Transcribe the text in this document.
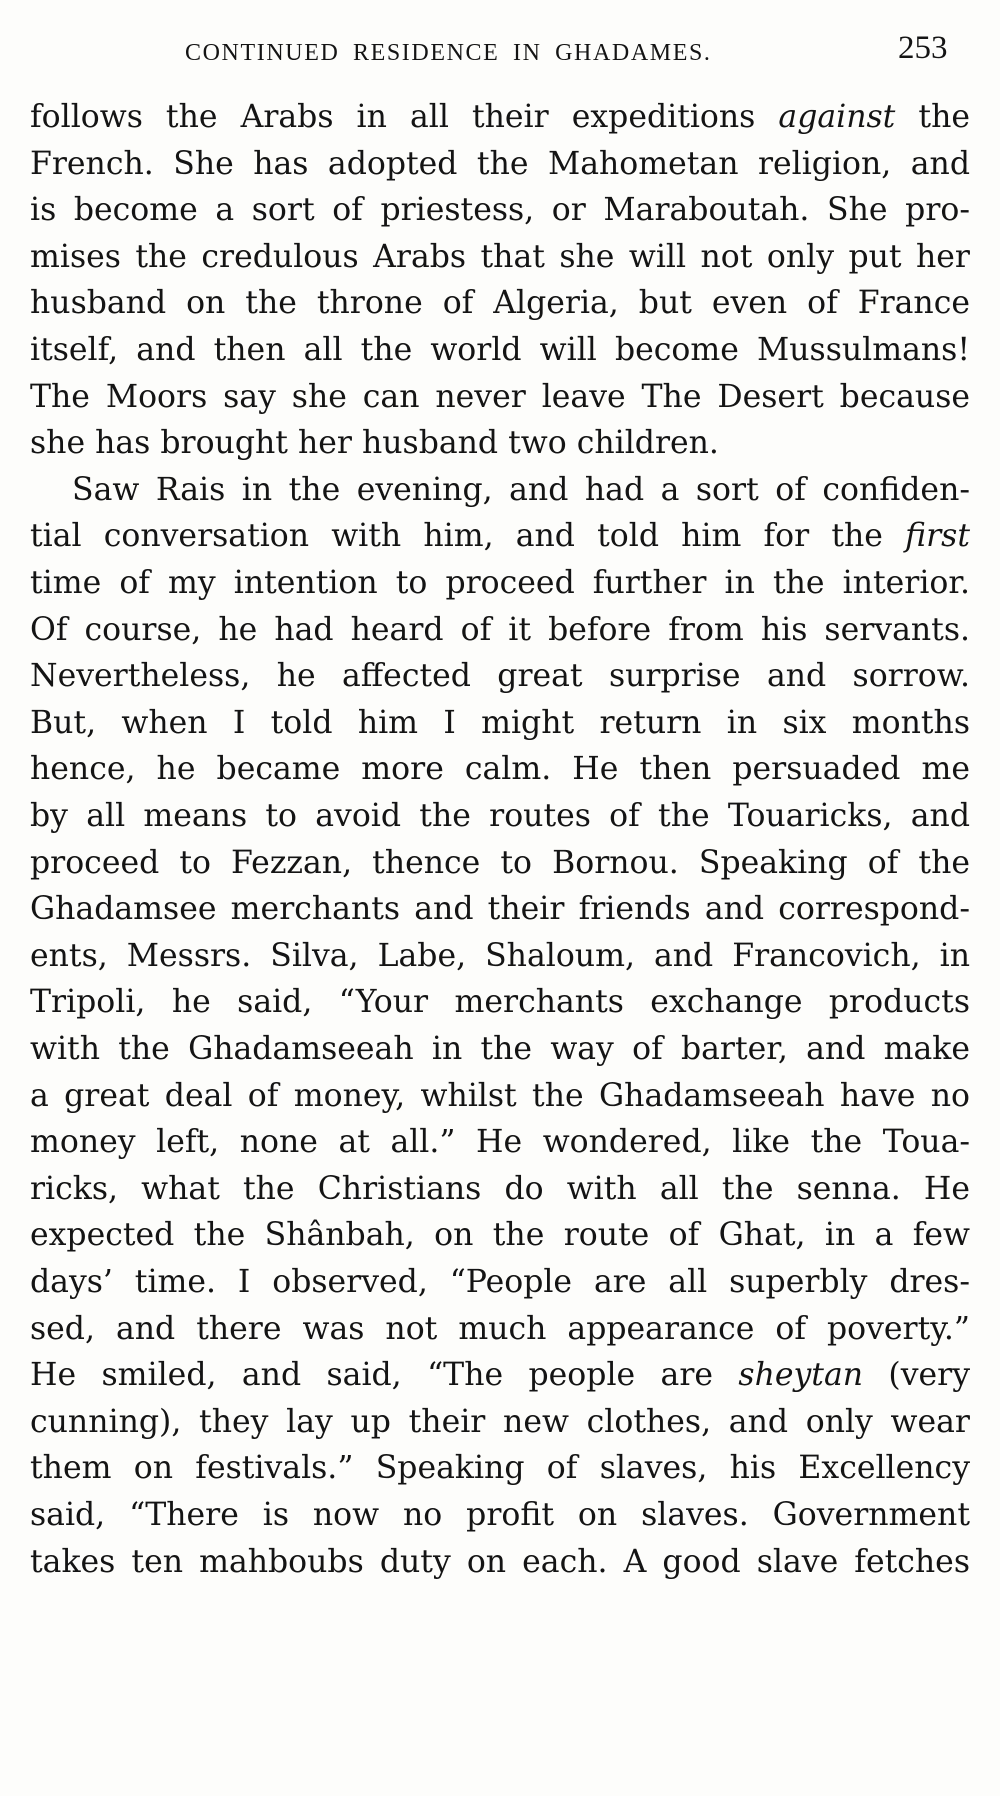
CONTINUED RESIDENCE IN GHADAMES.	253
follows the Arabs in all their expeditions against the
French. She has adopted the Mahometan religion, and
is become a sort of priestess, or Maraboutah. She pro-
mises the credulous Arabs that she will not only put her
husband on the throne of Algeria, but even of France
itself, and then all the world will become Mussulmans!
The Moors say she can never leave The Desert because
she has brought her husband two children.
Saw Rais in the evening, and had a sort of confiden-
tial conversation with him, and told him for the first
time of my intention to proceed further in the interior.
Of course, he had heard of it before from his servants.
Nevertheless, he affected great surprise and sorrow.
But, when I told him I might return in six months
hence, he became more calm. He then persuaded me
by all means to avoid the routes of the Touaricks, and
proceed to Fezzan, thence to Bornou. Speaking of the
Ghadamsee merchants and their friends and correspond-
ents, Messrs. Silva, Labe, Shaloum, and Francovich, in
Tripoli, he said, “Your merchants exchange products
with the Ghadamseeah in the way of barter, and make
a great deal of money, whilst the Ghadamseeah have no
money left, none at all.” He wondered, like the Toua-
ricks, what the Christians do with all the senna. He
expected the Shânbah, on the route of Ghat, in a few
days’ time. I observed, “People are all superbly dres-
sed, and there was not much appearance of poverty.”
He smiled, and said, “The people are sheytan (very
cunning), they lay up their new clothes, and only wear
them on festivals.” Speaking of slaves, his Excellency
said, “There is now no profit on slaves. Government
takes ten mahboubs duty on each. A good slave fetches
